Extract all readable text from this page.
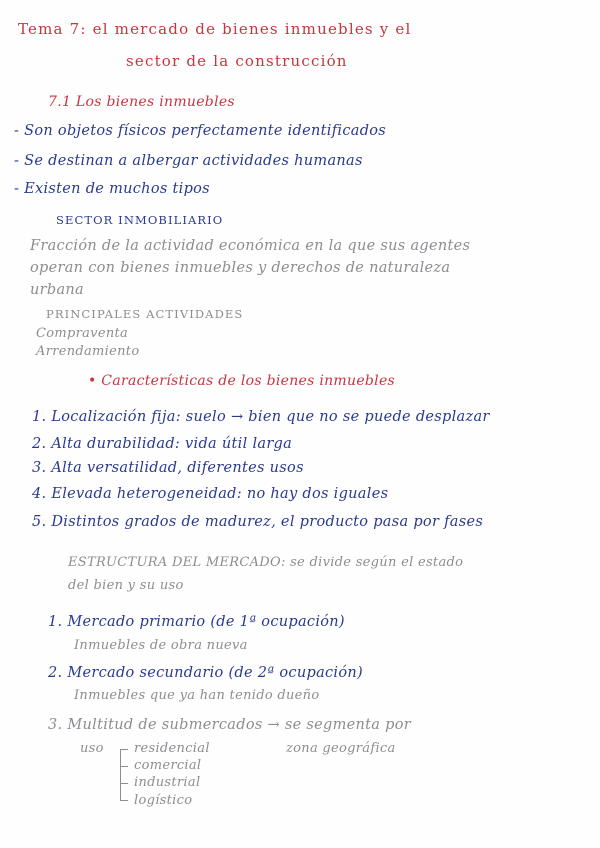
Tema 7: el mercado de bienes inmuebles y el
sector de la construcción
7.1 Los bienes inmuebles
- Son objetos físicos perfectamente identificados
- Se destinan a albergar actividades humanas
- Existen de muchos tipos
SECTOR INMOBILIARIO
Fracción de la actividad económica en la que sus agentes
operan con bienes inmuebles y derechos de naturaleza
urbana
PRINCIPALES ACTIVIDADES
Compraventa
Arrendamiento
• Características de los bienes inmuebles
1. Localización fija: suelo → bien que no se puede desplazar
2. Alta durabilidad: vida útil larga
3. Alta versatilidad, diferentes usos
4. Elevada heterogeneidad: no hay dos iguales
5. Distintos grados de madurez, el producto pasa por fases
ESTRUCTURA DEL MERCADO: se divide según el estado
del bien y su uso
1. Mercado primario (de 1ª ocupación)
Inmuebles de obra nueva
2. Mercado secundario (de 2ª ocupación)
Inmuebles que ya han tenido dueño
3. Multitud de submercados → se segmenta por
uso residencial
comercial
industrial
logístico
zona geográfica
